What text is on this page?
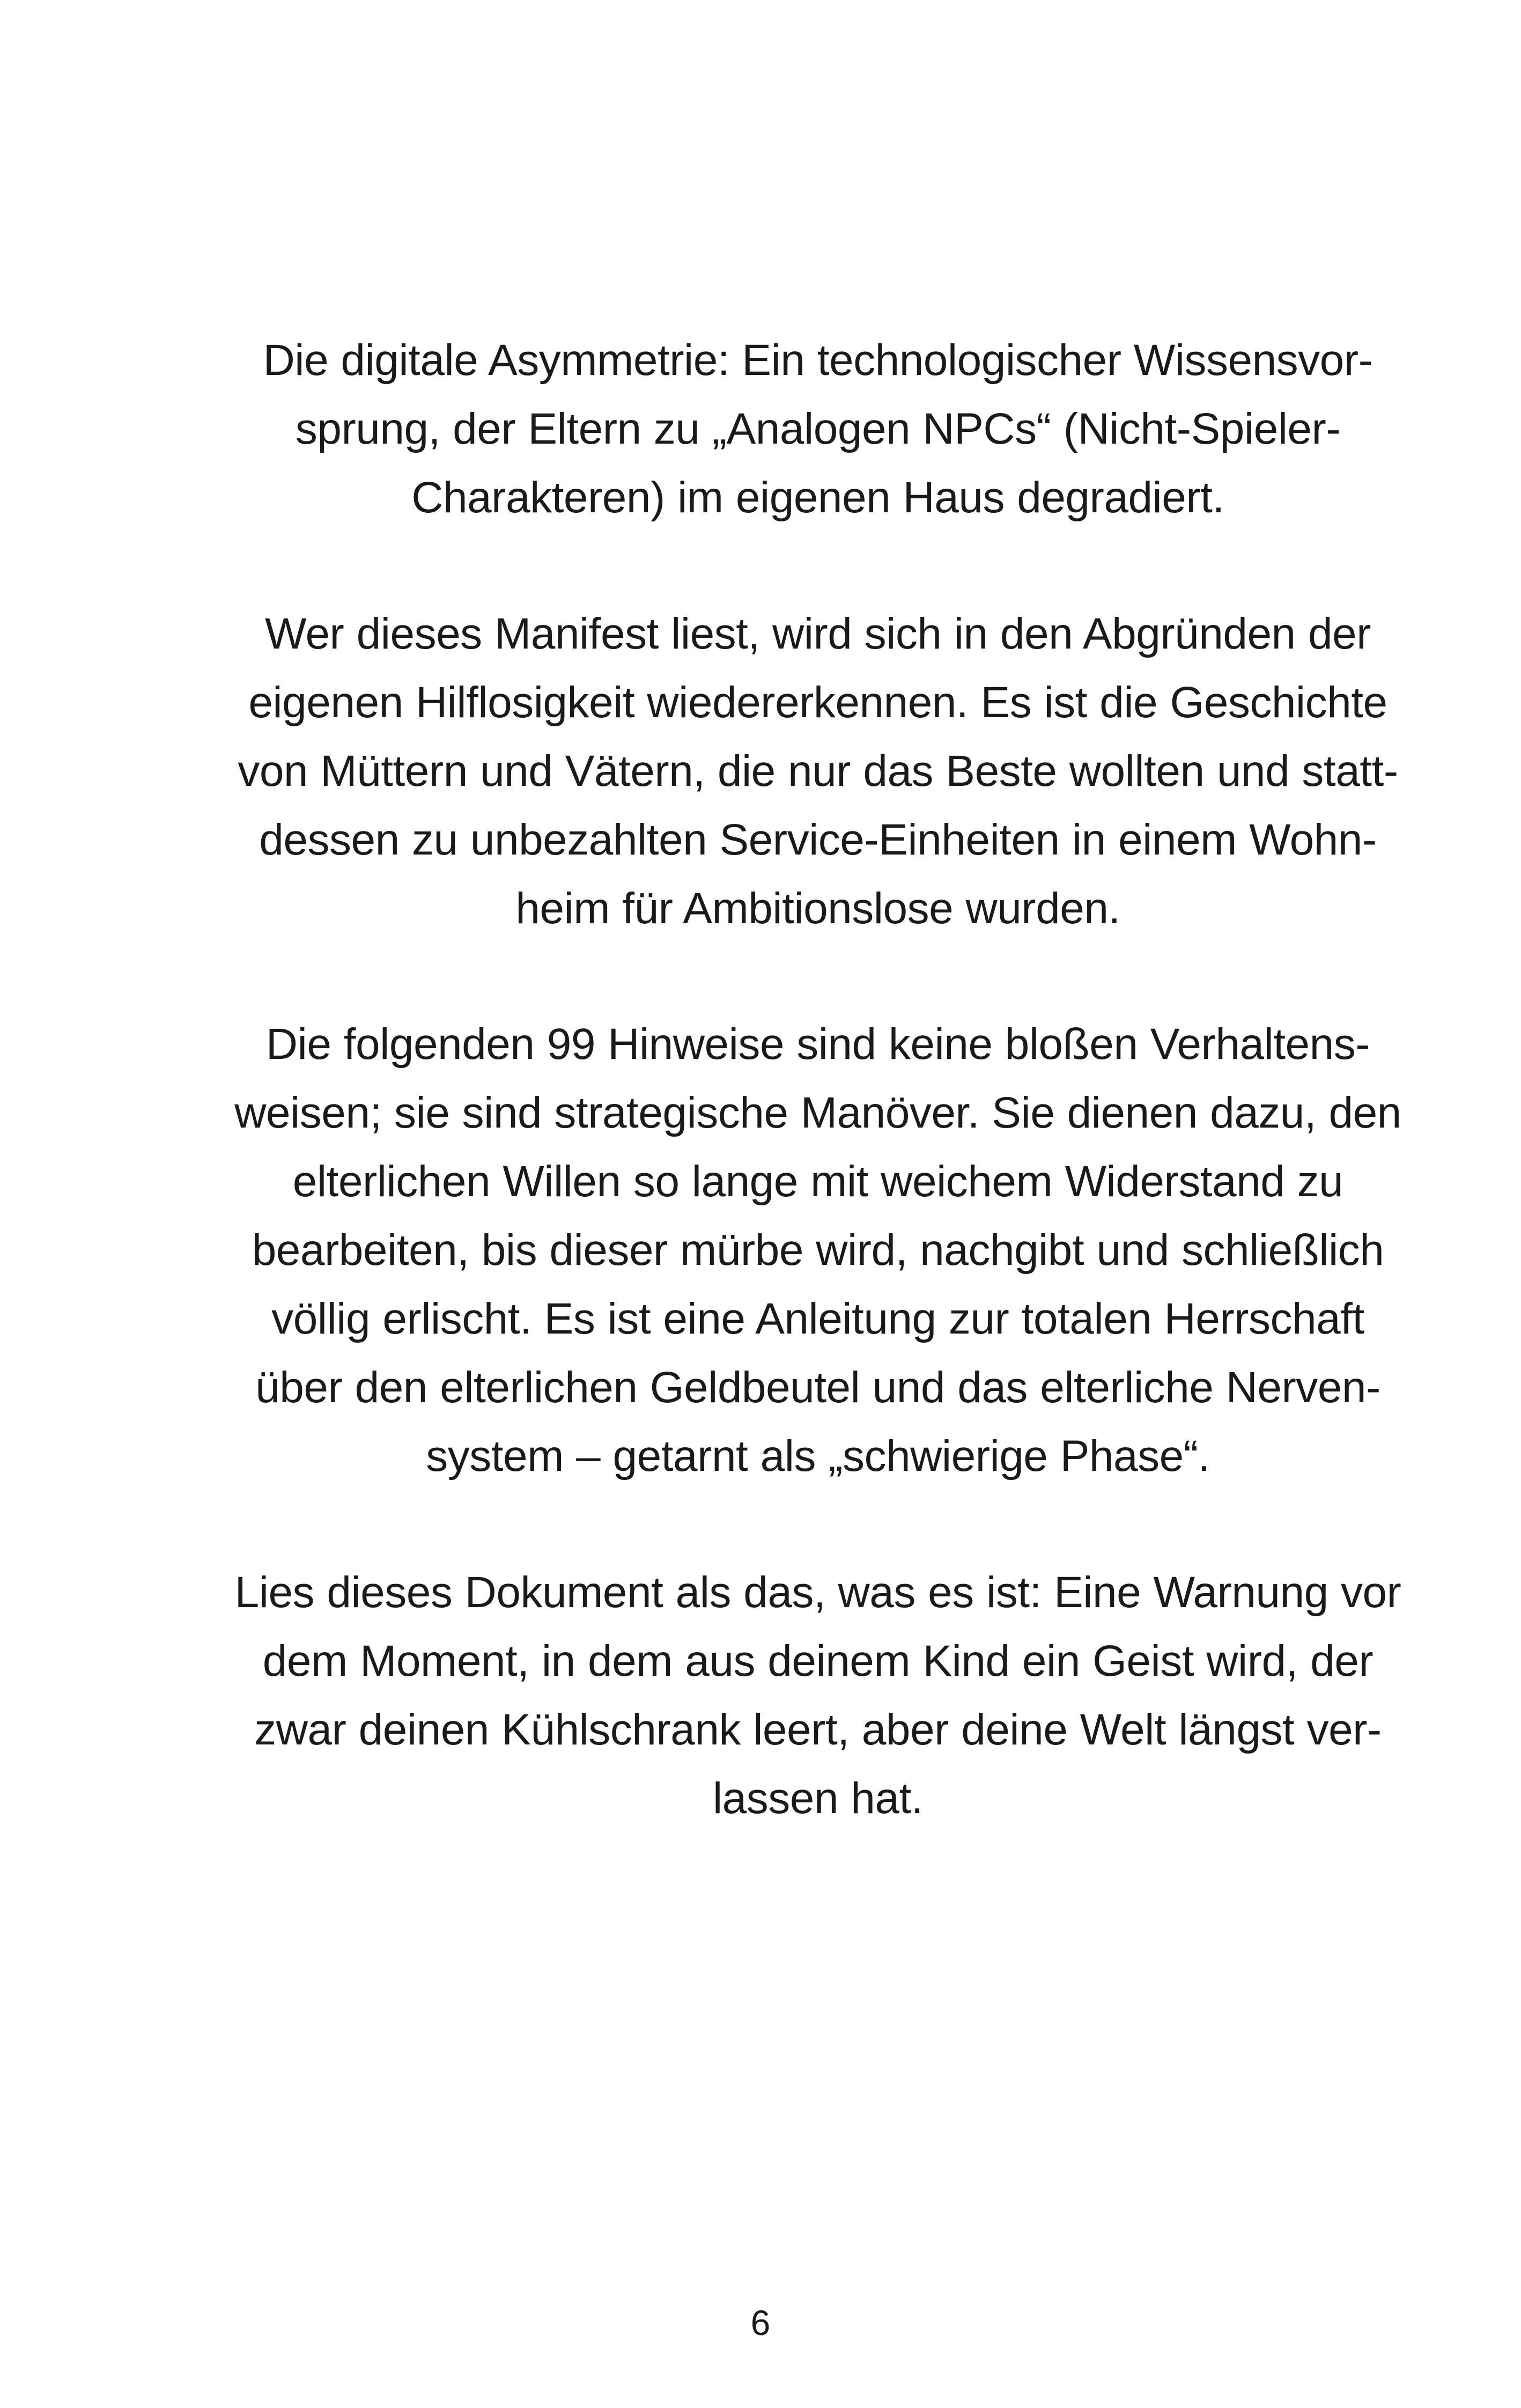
Die digitale Asymmetrie: Ein technologischer Wissensvor-
sprung, der Eltern zu „Analogen NPCs“ (Nicht-Spieler-
Charakteren) im eigenen Haus degradiert.
Wer dieses Manifest liest, wird sich in den Abgründen der
eigenen Hilflosigkeit wiedererkennen. Es ist die Geschichte
von Müttern und Vätern, die nur das Beste wollten und statt-
dessen zu unbezahlten Service-Einheiten in einem Wohn-
heim für Ambitionslose wurden.
Die folgenden 99 Hinweise sind keine bloßen Verhaltens-
weisen; sie sind strategische Manöver. Sie dienen dazu, den
elterlichen Willen so lange mit weichem Widerstand zu
bearbeiten, bis dieser mürbe wird, nachgibt und schließlich
völlig erlischt. Es ist eine Anleitung zur totalen Herrschaft
über den elterlichen Geldbeutel und das elterliche Nerven-
system – getarnt als „schwierige Phase“.
Lies dieses Dokument als das, was es ist: Eine Warnung vor
dem Moment, in dem aus deinem Kind ein Geist wird, der
zwar deinen Kühlschrank leert, aber deine Welt längst ver-
lassen hat.
6
